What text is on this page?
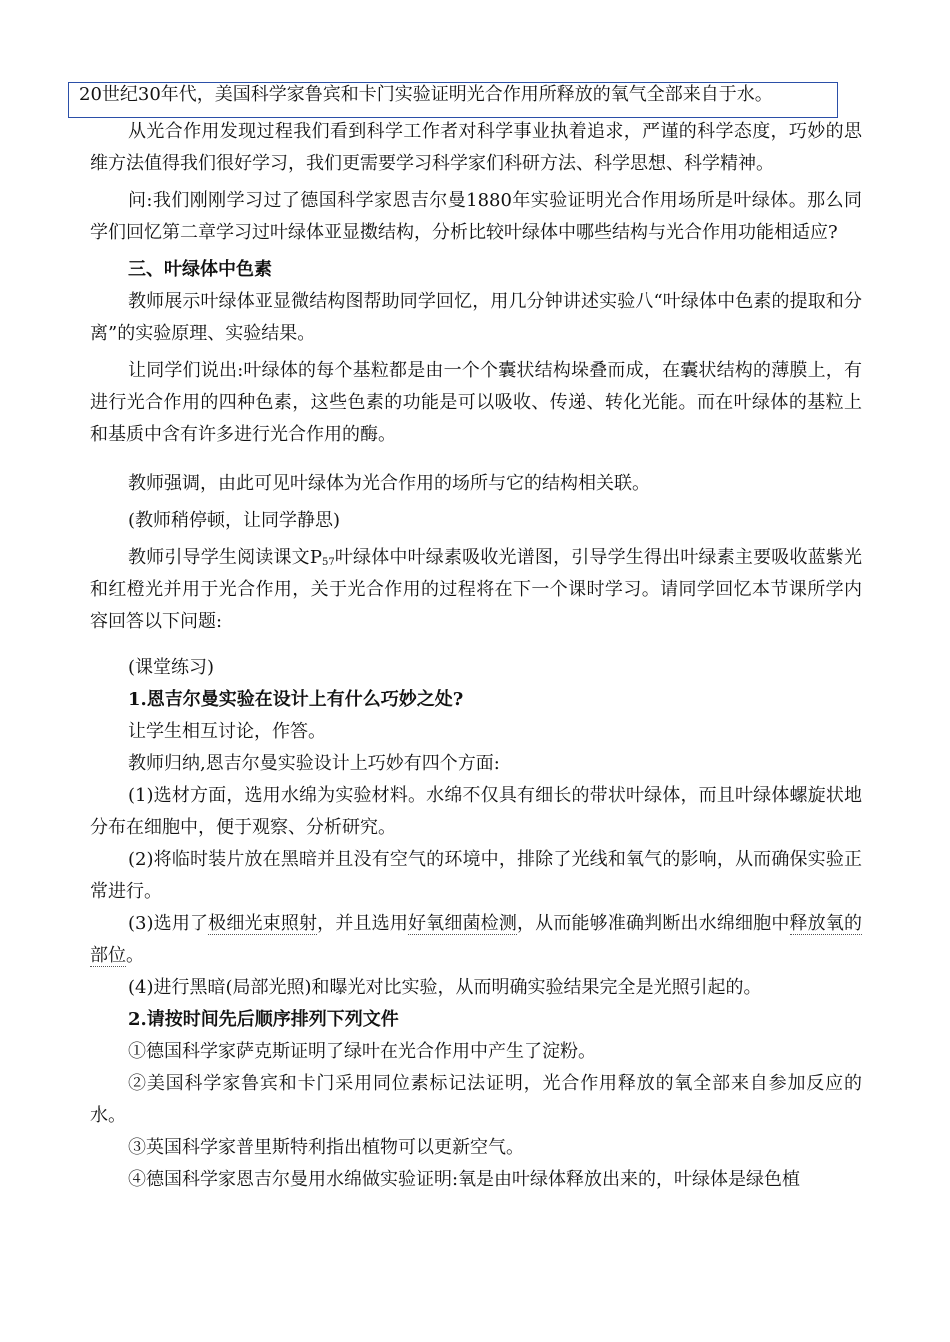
20世纪30年代，美国科学家鲁宾和卡门实验证明光合作用所释放的氧气全部来自于水。

从光合作用发现过程我们看到科学工作者对科学事业执着追求，严谨的科学态度，巧妙的思维方法值得我们很好学习，我们更需要学习科学家们科研方法、科学思想、科学精神。

问:我们刚刚学习过了德国科学家恩吉尔曼1880年实验证明光合作用场所是叶绿体。那么同学们回忆第二章学习过叶绿体亚显擞结构，分析比较叶绿体中哪些结构与光合作用功能相适应?

三、叶绿体中色素

教师展示叶绿体亚显微结构图帮助同学回忆，用几分钟讲述实验八“叶绿体中色素的提取和分离”的实验原理、实验结果。

让同学们说出:叶绿体的每个基粒都是由一个个囊状结构垛叠而成，在囊状结构的薄膜上，有进行光合作用的四种色素，这些色素的功能是可以吸收、传递、转化光能。而在叶绿体的基粒上和基质中含有许多进行光合作用的酶。

教师强调，由此可见叶绿体为光合作用的场所与它的结构相关联。

(教师稍停顿，让同学静思)

教师引导学生阅读课文$P_{57}$叶绿体中叶绿素吸收光谱图，引导学生得出叶绿素主要吸收蓝紫光和红橙光并用于光合作用，关于光合作用的过程将在下一个课时学习。请同学回忆本节课所学内容回答以下问题:

(课堂练习)

1.恩吉尔曼实验在设计上有什么巧妙之处?

让学生相互讨论，作答。

教师归纳,恩吉尔曼实验设计上巧妙有四个方面:

(1)选材方面，选用水绵为实验材料。水绵不仅具有细长的带状叶绿体，而且叶绿体螺旋状地分布在细胞中，便于观察、分析研究。

(2)将临时装片放在黑暗并且没有空气的环境中，排除了光线和氧气的影响，从而确保实验正常进行。

(3)选用了极细光束照射，并且选用好氧细菌检测，从而能够准确判断出水绵细胞中释放氧的部位。

(4)进行黑暗(局部光照)和曝光对比实验，从而明确实验结果完全是光照引起的。

2.请按时间先后顺序排列下列文件

①德国科学家萨克斯证明了绿叶在光合作用中产生了淀粉。

②美国科学家鲁宾和卡门采用同位素标记法证明，光合作用释放的氧全部来自参加反应的水。

③英国科学家普里斯特利指出植物可以更新空气。

④德国科学家恩吉尔曼用水绵做实验证明:氧是由叶绿体释放出来的，叶绿体是绿色植
